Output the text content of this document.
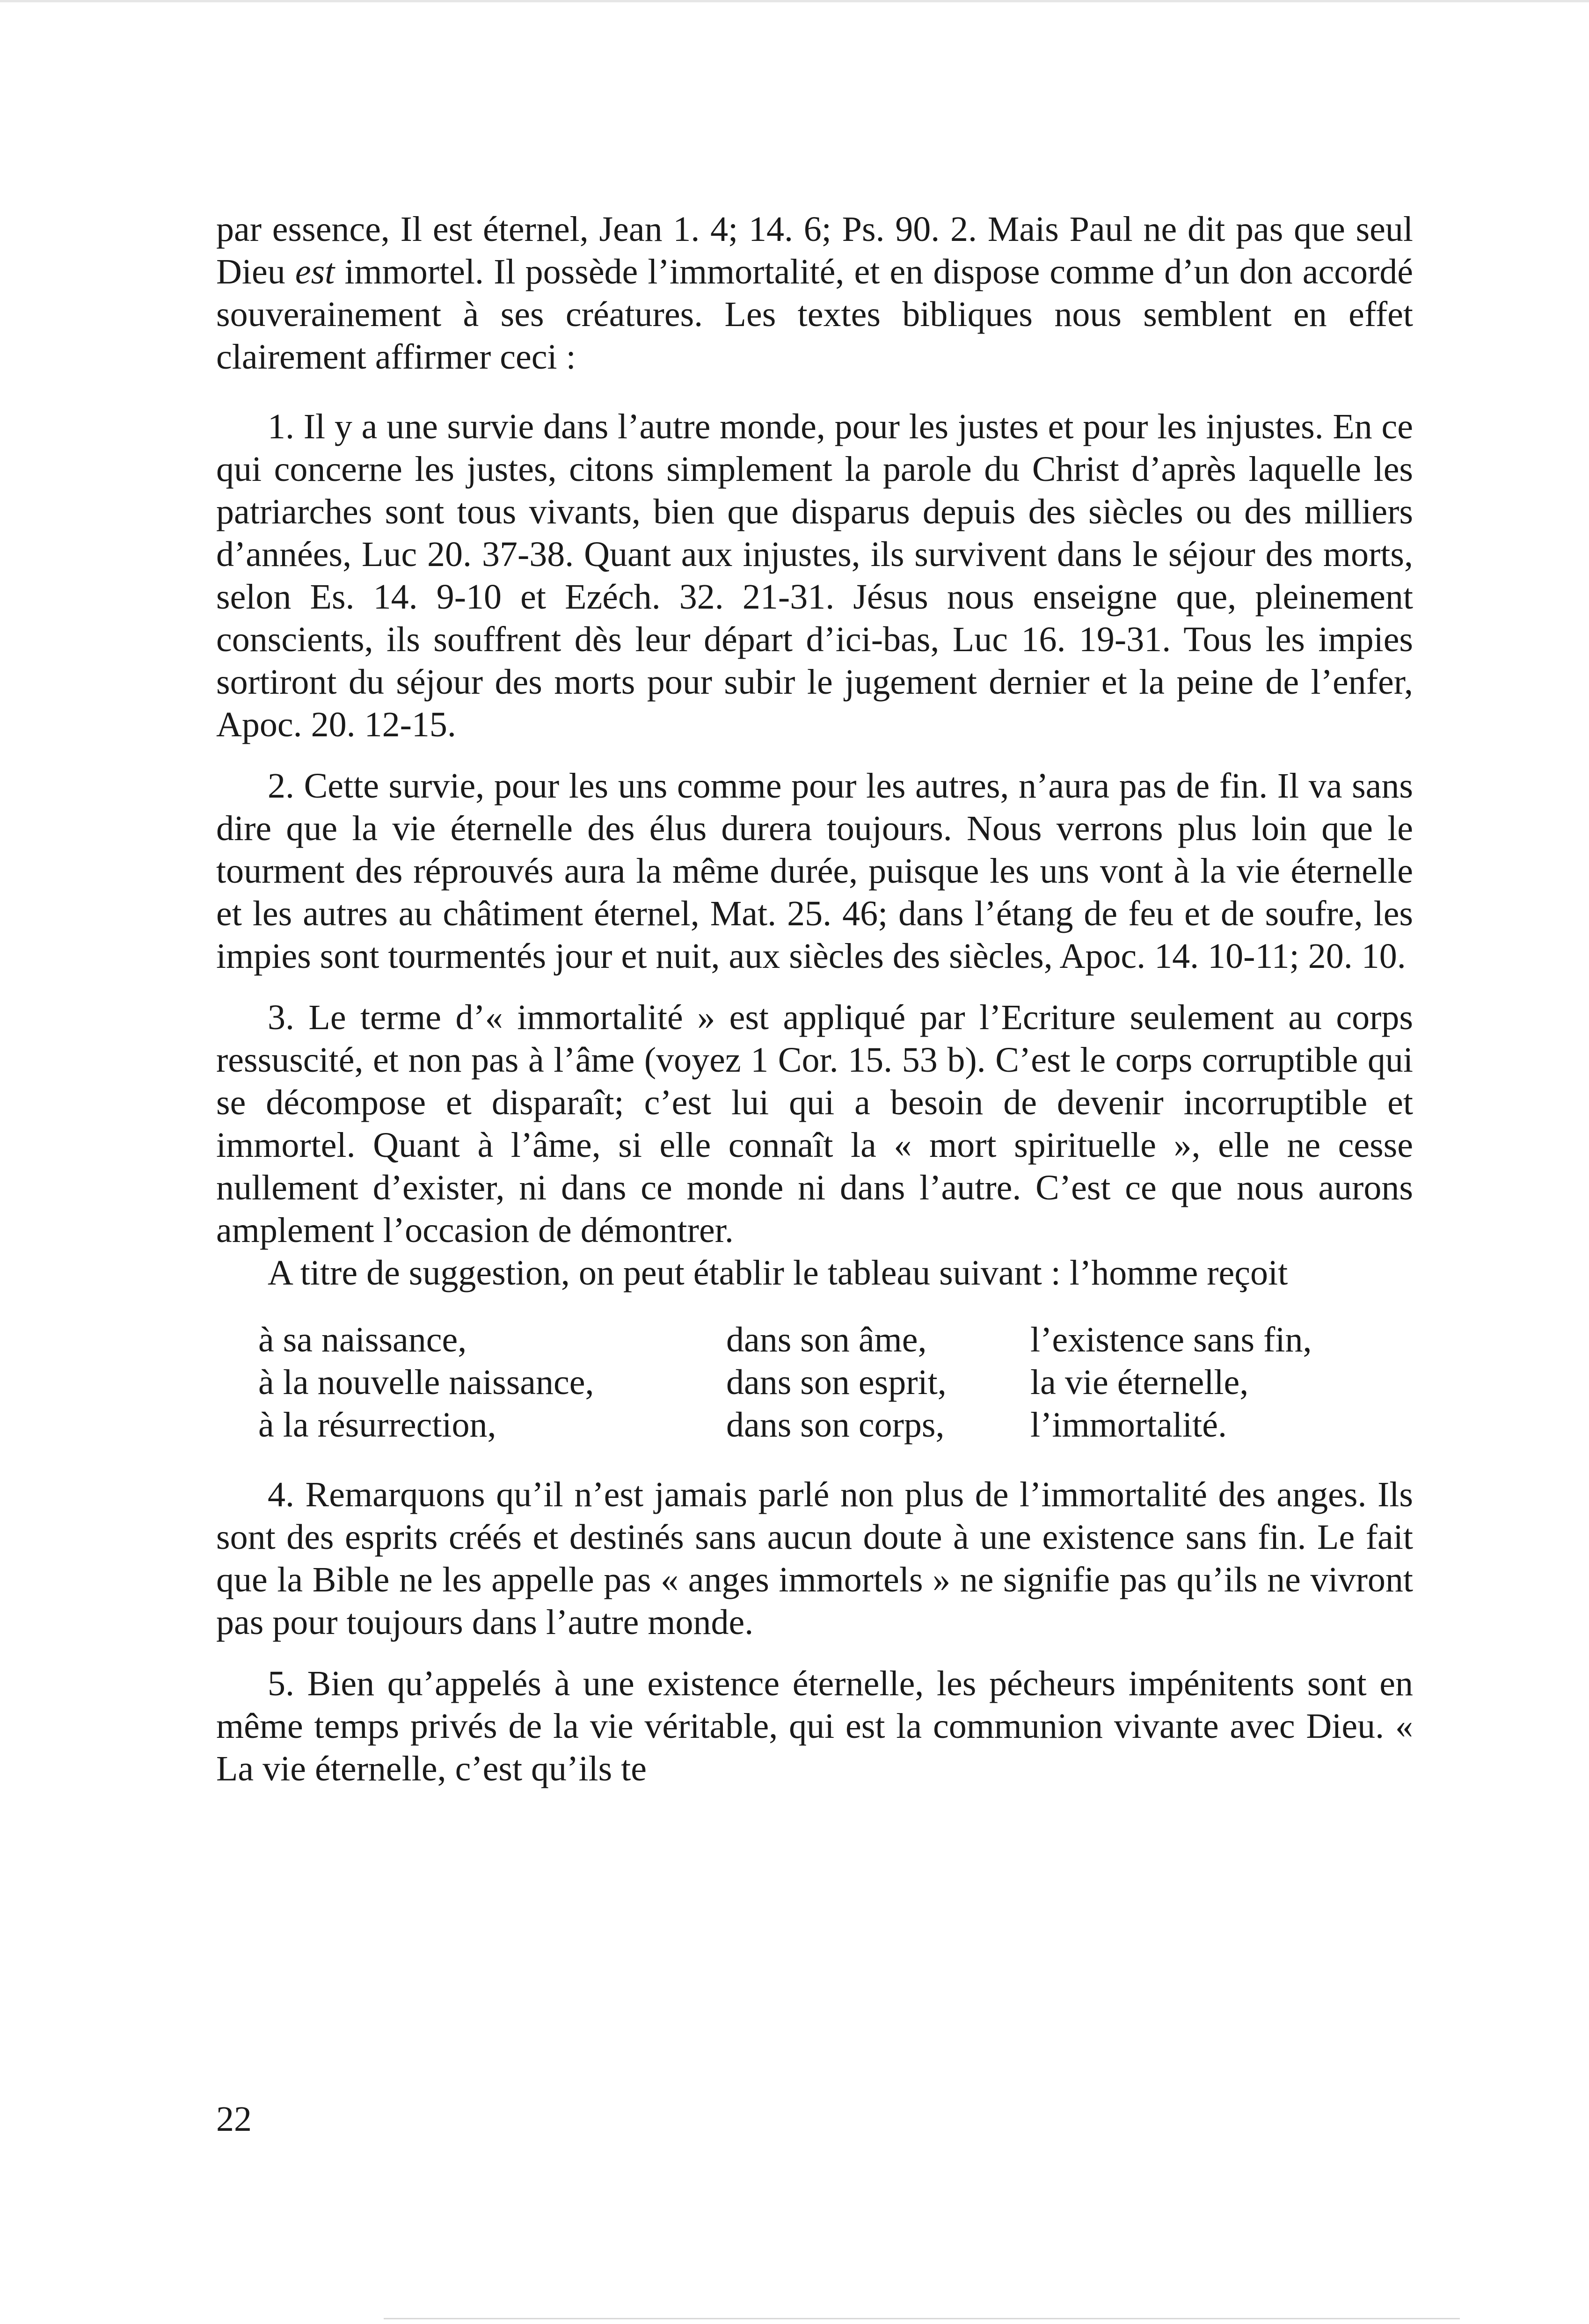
par essence, Il est éternel, Jean 1. 4; 14. 6; Ps. 90. 2. Mais Paul ne dit pas que seul Dieu est immortel. Il possède l’immortalité, et en dispose comme d’un don accordé souverainement à ses créatures. Les textes bibliques nous semblent en effet clairement affirmer ceci :

1. Il y a une survie dans l’autre monde, pour les justes et pour les injustes. En ce qui concerne les justes, citons simplement la parole du Christ d’après laquelle les patriarches sont tous vivants, bien que disparus depuis des siècles ou des milliers d’années, Luc 20. 37-38. Quant aux injustes, ils survivent dans le séjour des morts, selon Es. 14. 9-10 et Ezéch. 32. 21-31. Jésus nous enseigne que, pleinement conscients, ils souffrent dès leur départ d’ici-bas, Luc 16. 19-31. Tous les impies sortiront du séjour des morts pour subir le jugement dernier et la peine de l’enfer, Apoc. 20. 12-15.

2. Cette survie, pour les uns comme pour les autres, n’aura pas de fin. Il va sans dire que la vie éternelle des élus durera toujours. Nous verrons plus loin que le tourment des réprouvés aura la même durée, puisque les uns vont à la vie éternelle et les autres au châtiment éternel, Mat. 25. 46; dans l’étang de feu et de soufre, les impies sont tourmentés jour et nuit, aux siècles des siècles, Apoc. 14. 10-11; 20. 10.

3. Le terme d’« immortalité » est appliqué par l’Ecriture seulement au corps ressuscité, et non pas à l’âme (voyez 1 Cor. 15. 53 b). C’est le corps corruptible qui se décompose et disparaît; c’est lui qui a besoin de devenir incorruptible et immortel. Quant à l’âme, si elle connaît la « mort spirituelle », elle ne cesse nullement d’exister, ni dans ce monde ni dans l’autre. C’est ce que nous aurons amplement l’occasion de démontrer.

A titre de suggestion, on peut établir le tableau suivant : l’homme reçoit

à sa naissance,	dans son âme,	l’existence sans fin,
à la nouvelle naissance,	dans son esprit,	la vie éternelle,
à la résurrection,	dans son corps,	l’immortalité.

4. Remarquons qu’il n’est jamais parlé non plus de l’immortalité des anges. Ils sont des esprits créés et destinés sans aucun doute à une existence sans fin. Le fait que la Bible ne les appelle pas « anges immortels » ne signifie pas qu’ils ne vivront pas pour toujours dans l’autre monde.

5. Bien qu’appelés à une existence éternelle, les pécheurs impénitents sont en même temps privés de la vie véritable, qui est la communion vivante avec Dieu. « La vie éternelle, c’est qu’ils te

22
